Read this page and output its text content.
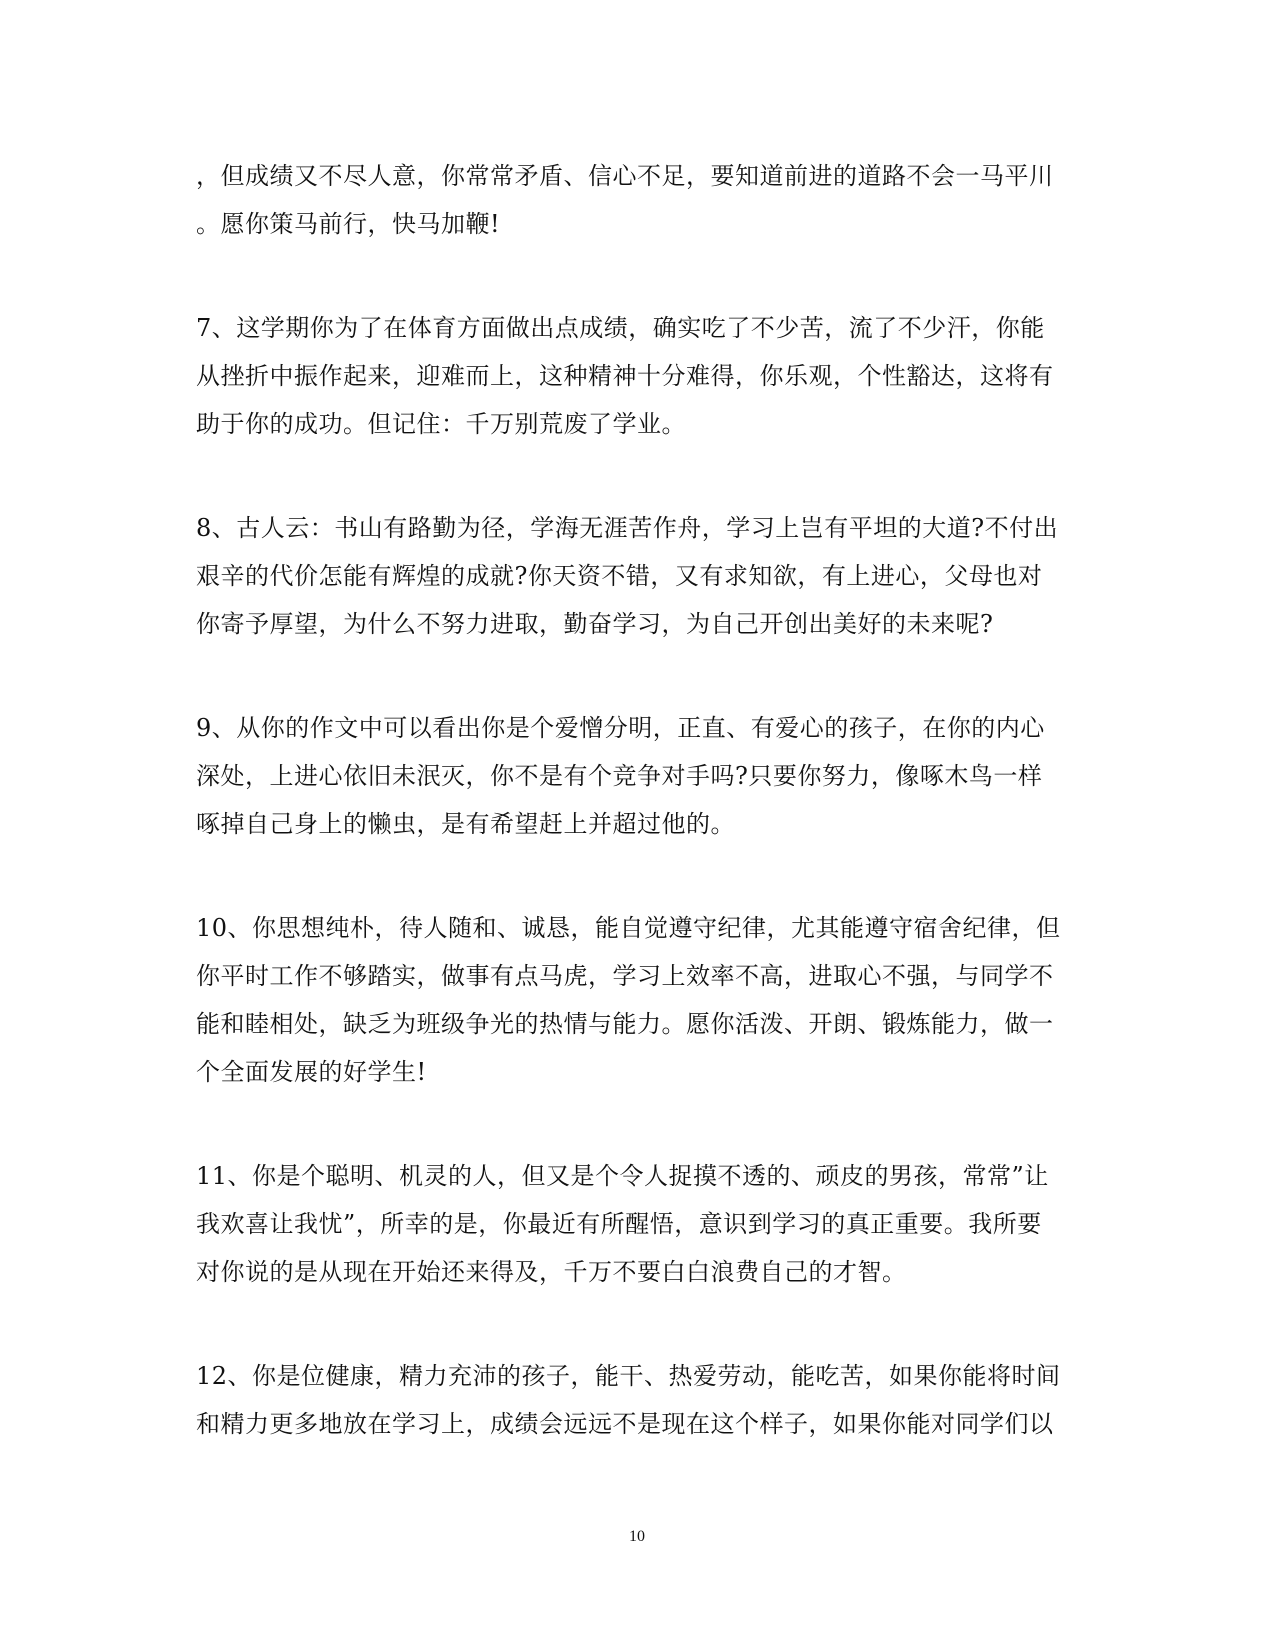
，但成绩又不尽人意，你常常矛盾、信心不足，要知道前进的道路不会一马平川
。愿你策马前行，快马加鞭!
7、这学期你为了在体育方面做出点成绩，确实吃了不少苦，流了不少汗，你能
从挫折中振作起来，迎难而上，这种精神十分难得，你乐观，个性豁达，这将有
助于你的成功。但记住：千万别荒废了学业。
8、古人云：书山有路勤为径，学海无涯苦作舟，学习上岂有平坦的大道?不付出
艰辛的代价怎能有辉煌的成就?你天资不错，又有求知欲，有上进心，父母也对
你寄予厚望，为什么不努力进取，勤奋学习，为自己开创出美好的未来呢?
9、从你的作文中可以看出你是个爱憎分明，正直、有爱心的孩子，在你的内心
深处，上进心依旧未泯灭，你不是有个竞争对手吗?只要你努力，像啄木鸟一样
啄掉自己身上的懒虫，是有希望赶上并超过他的。
10、你思想纯朴，待人随和、诚恳，能自觉遵守纪律，尤其能遵守宿舍纪律，但
你平时工作不够踏实，做事有点马虎，学习上效率不高，进取心不强，与同学不
能和睦相处，缺乏为班级争光的热情与能力。愿你活泼、开朗、锻炼能力，做一
个全面发展的好学生!
11、你是个聪明、机灵的人，但又是个令人捉摸不透的、顽皮的男孩，常常”让
我欢喜让我忧”，所幸的是，你最近有所醒悟，意识到学习的真正重要。我所要
对你说的是从现在开始还来得及，千万不要白白浪费自己的才智。
12、你是位健康，精力充沛的孩子，能干、热爱劳动，能吃苦，如果你能将时间
和精力更多地放在学习上，成绩会远远不是现在这个样子，如果你能对同学们以
10
